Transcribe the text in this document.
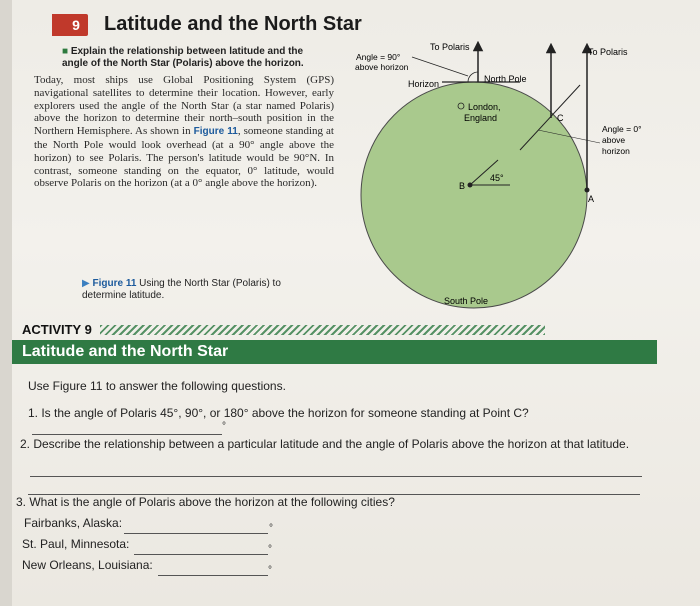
9	Latitude and the North Star
■ Explain the relationship between latitude and the angle of the North Star (Polaris) above the horizon.
Today, most ships use Global Positioning System (GPS) navigational satellites to determine their location. However, early explorers used the angle of the North Star (a star named Polaris) above the horizon to determine their north–south position in the Northern Hemisphere. As shown in Figure 11, someone standing at the North Pole would look overhead (at a 90° angle above the horizon) to see Polaris. The person's latitude would be 90°N. In contrast, someone standing on the equator, 0° latitude, would observe Polaris on the horizon (at a 0° angle above the horizon).
▶ Figure 11 Using the North Star (Polaris) to determine latitude.
To Polaris	To Polaris
Angle = 90°
above horizon
Horizon	North Pole
London,
England	C
B
A
45°
Angle = 0°
above
horizon
South Pole
ACTIVITY 9
Latitude and the North Star
Use Figure 11 to answer the following questions.
1. Is the angle of Polaris 45°, 90°, or 180° above the horizon for someone standing at Point C?
°
2. Describe the relationship between a particular latitude and the angle of Polaris above the horizon at that latitude.
3. What is the angle of Polaris above the horizon at the following cities?
Fairbanks, Alaska:	°
St. Paul, Minnesota:	°
New Orleans, Louisiana:	°
